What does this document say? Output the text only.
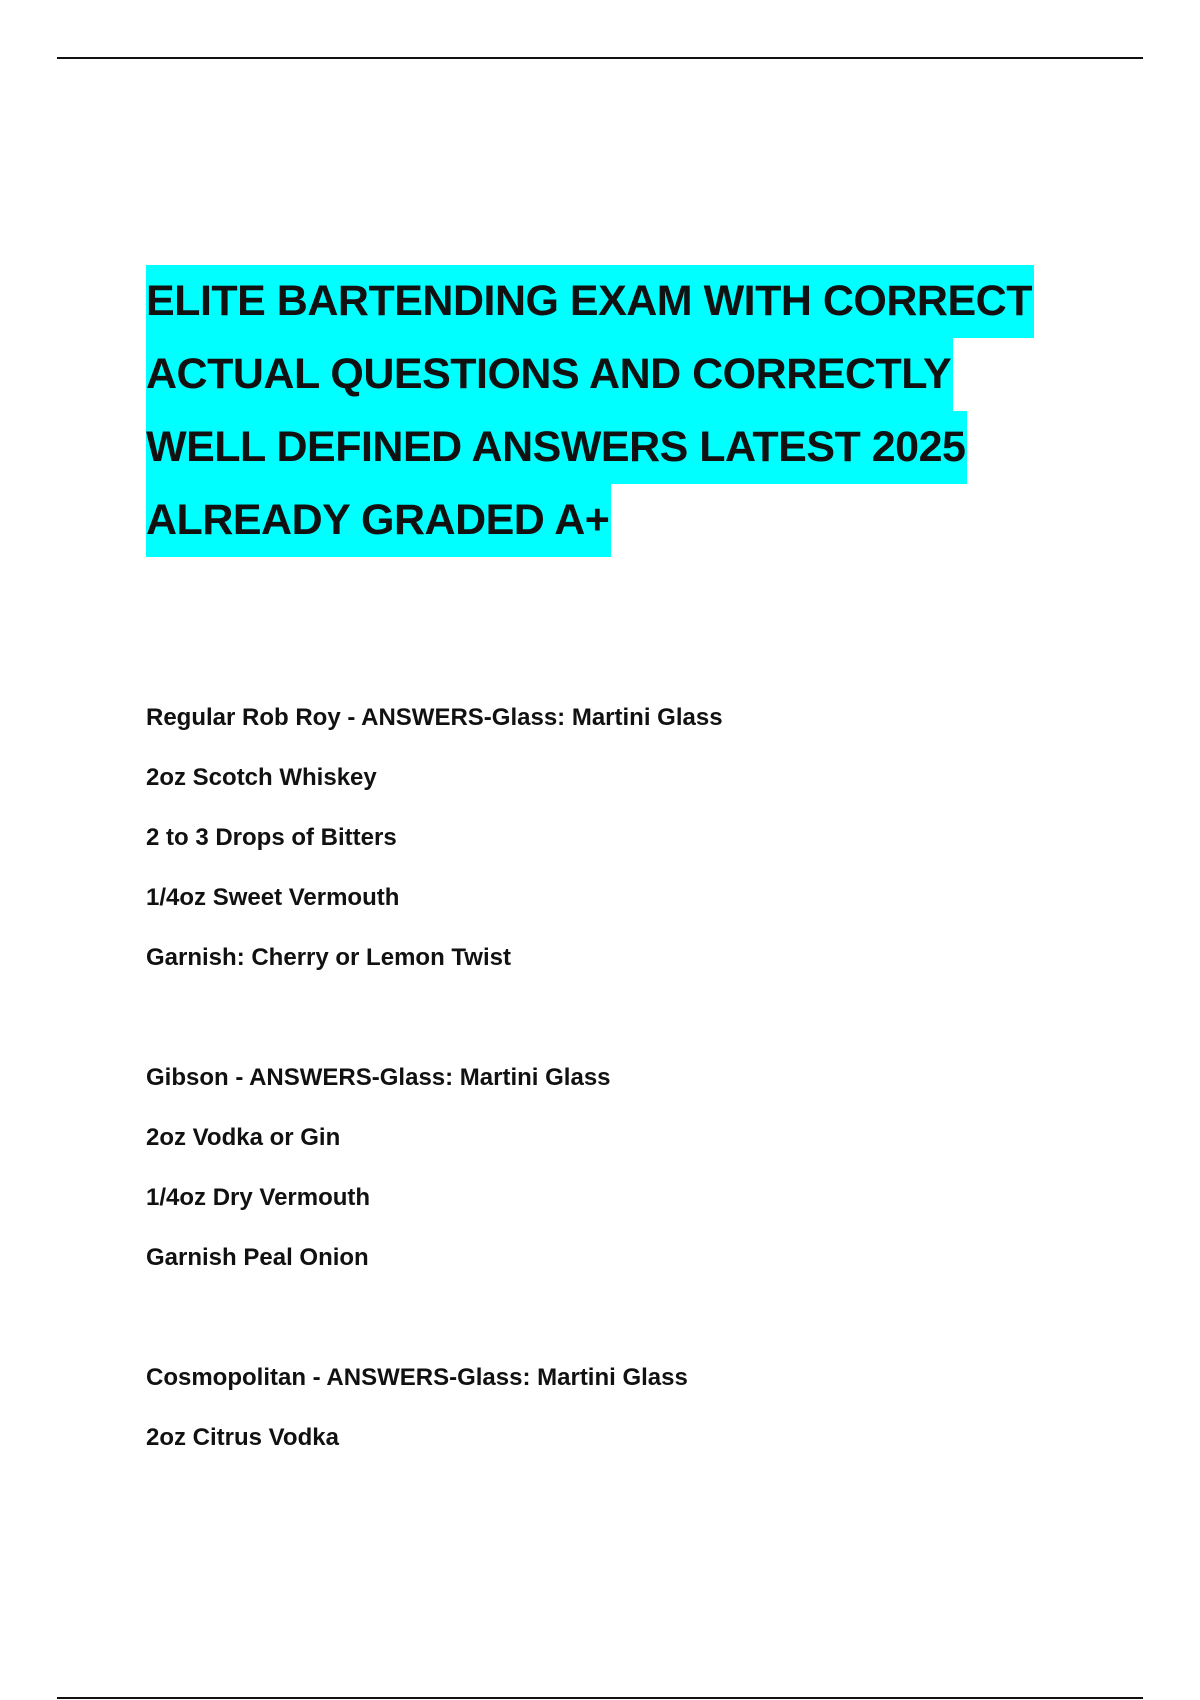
ELITE BARTENDING EXAM WITH CORRECT
ACTUAL QUESTIONS AND CORRECTLY
WELL DEFINED ANSWERS LATEST 2025
ALREADY GRADED A+
Regular Rob Roy - ANSWERS-Glass: Martini Glass
2oz Scotch Whiskey
2 to 3 Drops of Bitters
1/4oz Sweet Vermouth
Garnish: Cherry or Lemon Twist
Gibson - ANSWERS-Glass: Martini Glass
2oz Vodka or Gin
1/4oz Dry Vermouth
Garnish Peal Onion
Cosmopolitan - ANSWERS-Glass: Martini Glass
2oz Citrus Vodka
